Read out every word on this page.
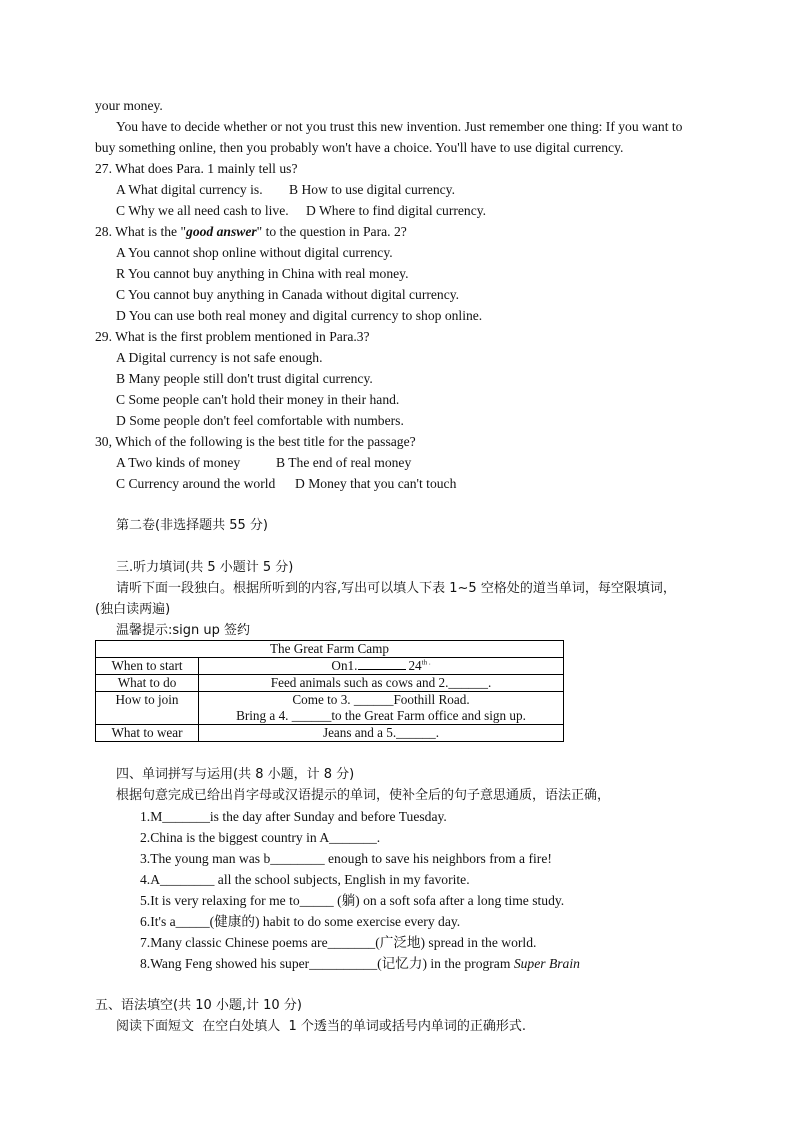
your money.
You have to decide whether or not you trust this new invention. Just remember one thing: If you want to
buy something online, then you probably won't have a choice. You'll have to use digital currency.
27. What does Para. 1 mainly tell us?
A What digital currency is. B How to use digital currency.
C Why we all need cash to live. D Where to find digital currency.
28. What is the "good answer" to the question in Para. 2?
A You cannot shop online without digital currency.
R You cannot buy anything in China with real money.
C You cannot buy anything in Canada without digital currency.
D You can use both real money and digital currency to shop online.
29. What is the first problem mentioned in Para.3?
A Digital currency is not safe enough.
B Many people still don't trust digital currency.
C Some people can't hold their money in their hand.
D Some people don't feel comfortable with numbers.
30, Which of the following is the best title for the passage?
A Two kinds of money	B The end of real money
C Currency around the world D Money that you can't touch
第二卷(非选择题共 55 分)
三.听力填词(共 5 小题计 5 分)
请听下面一段独白。根据所听到的内容,写出可以填人下表 1~5 空格处的道当单词，每空限填词，
(独白读两遍)
温馨提示:sign up 签约
The Great Farm Camp	
When to start	On1. $24^{th .}$
What to do	Feed animals such as cows and 2.______.
How to join	Come to 3. ______Foothill Road.
Bring a 4. ______to the Great Farm office and sign up.

What to wear	Jeans and a 5.______.
四、单词拼写与运用(共 8 小题，计 8 分)
根据句意完成已给出肖字母或汉语提示的单词，使补全后的句子意思通质，语法正确，
1.M_______is the day after Sunday and before Tuesday.
2.China is the biggest country in A_______.
3.The young man was b________ enough to save his neighbors from a fire!
4.A________ all the school subjects, English in my favorite.
5.It is very relaxing for me to_____ (躺) on a soft sofa after a long time study.
6.It's a_____(健康的) habit to do some exercise every day.
7.Many classic Chinese poems are_______(广泛地) spread in the world.
8.Wang Feng showed his super__________(记忆力) in the program Super Brain
五、语法填空(共 10 小题,计 10 分)
阅读下面短文  在空白处填人  1 个透当的单词或括号内单词的正确形式.
